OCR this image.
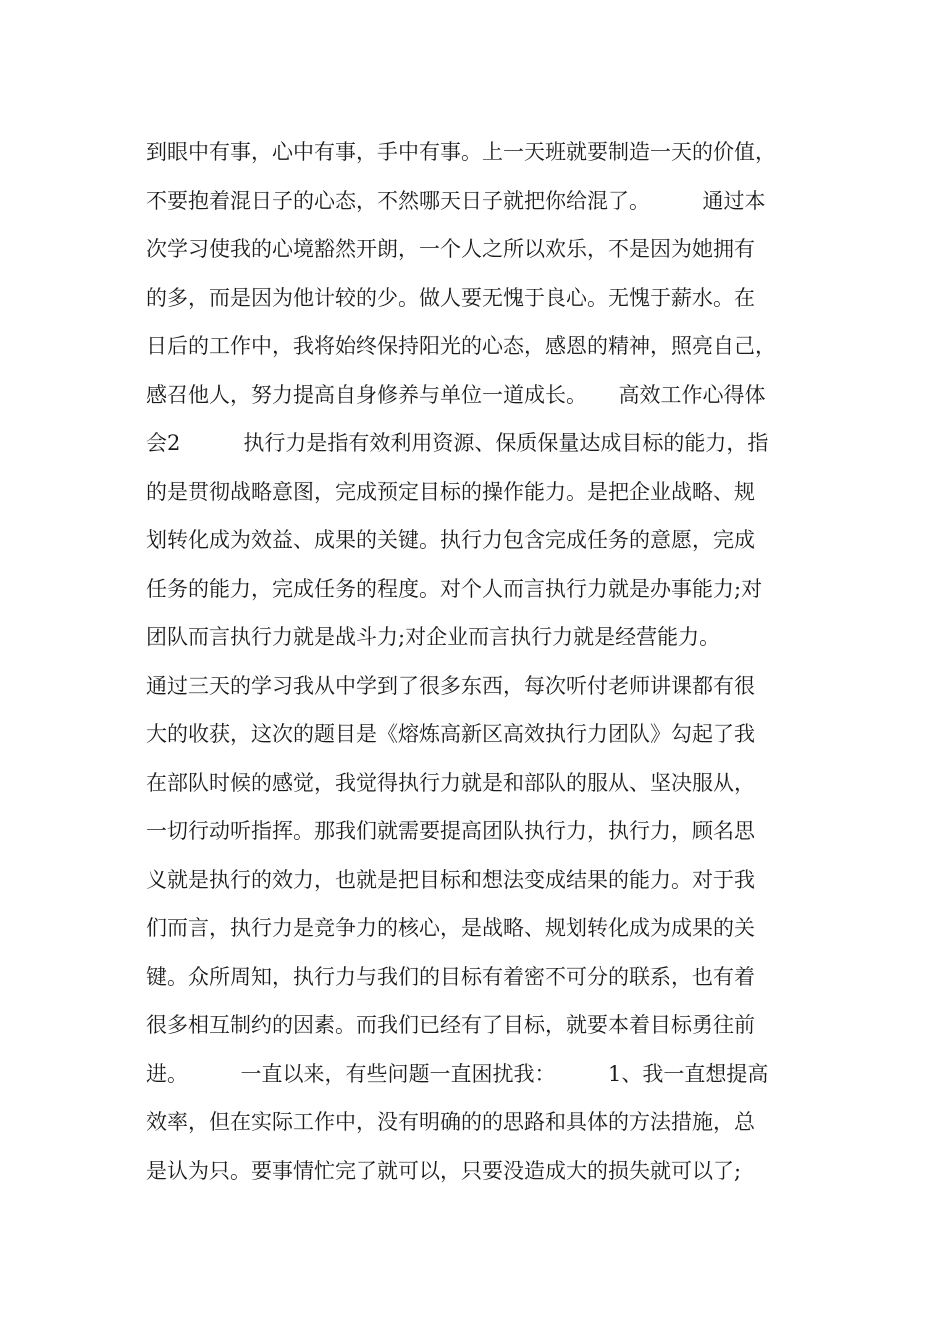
到眼中有事，心中有事，手中有事。上一天班就要制造一天的价值，
不要抱着混日子的心态，不然哪天日子就把你给混了。　　　通过本
次学习使我的心境豁然开朗，一个人之所以欢乐，不是因为她拥有
的多，而是因为他计较的少。做人要无愧于良心。无愧于薪水。在
日后的工作中，我将始终保持阳光的心态，感恩的精神，照亮自己，
感召他人，努力提高自身修养与单位一道成长。　　高效工作心得体
会2　　　执行力是指有效利用资源、保质保量达成目标的能力，指
的是贯彻战略意图，完成预定目标的操作能力。是把企业战略、规
划转化成为效益、成果的关键。执行力包含完成任务的意愿，完成
任务的能力，完成任务的程度。对个人而言执行力就是办事能力;对
团队而言执行力就是战斗力;对企业而言执行力就是经营能力。
通过三天的学习我从中学到了很多东西，每次听付老师讲课都有很
大的收获，这次的题目是《熔炼高新区高效执行力团队》勾起了我
在部队时候的感觉，我觉得执行力就是和部队的服从、坚决服从，
一切行动听指挥。那我们就需要提高团队执行力，执行力，顾名思
义就是执行的效力，也就是把目标和想法变成结果的能力。对于我
们而言，执行力是竞争力的核心，是战略、规划转化成为成果的关
键。众所周知，执行力与我们的目标有着密不可分的联系，也有着
很多相互制约的因素。而我们已经有了目标，就要本着目标勇往前
进。　　　一直以来，有些问题一直困扰我：　　　1、我一直想提高
效率，但在实际工作中，没有明确的的思路和具体的方法措施，总
是认为只。要事情忙完了就可以，只要没造成大的损失就可以了;
